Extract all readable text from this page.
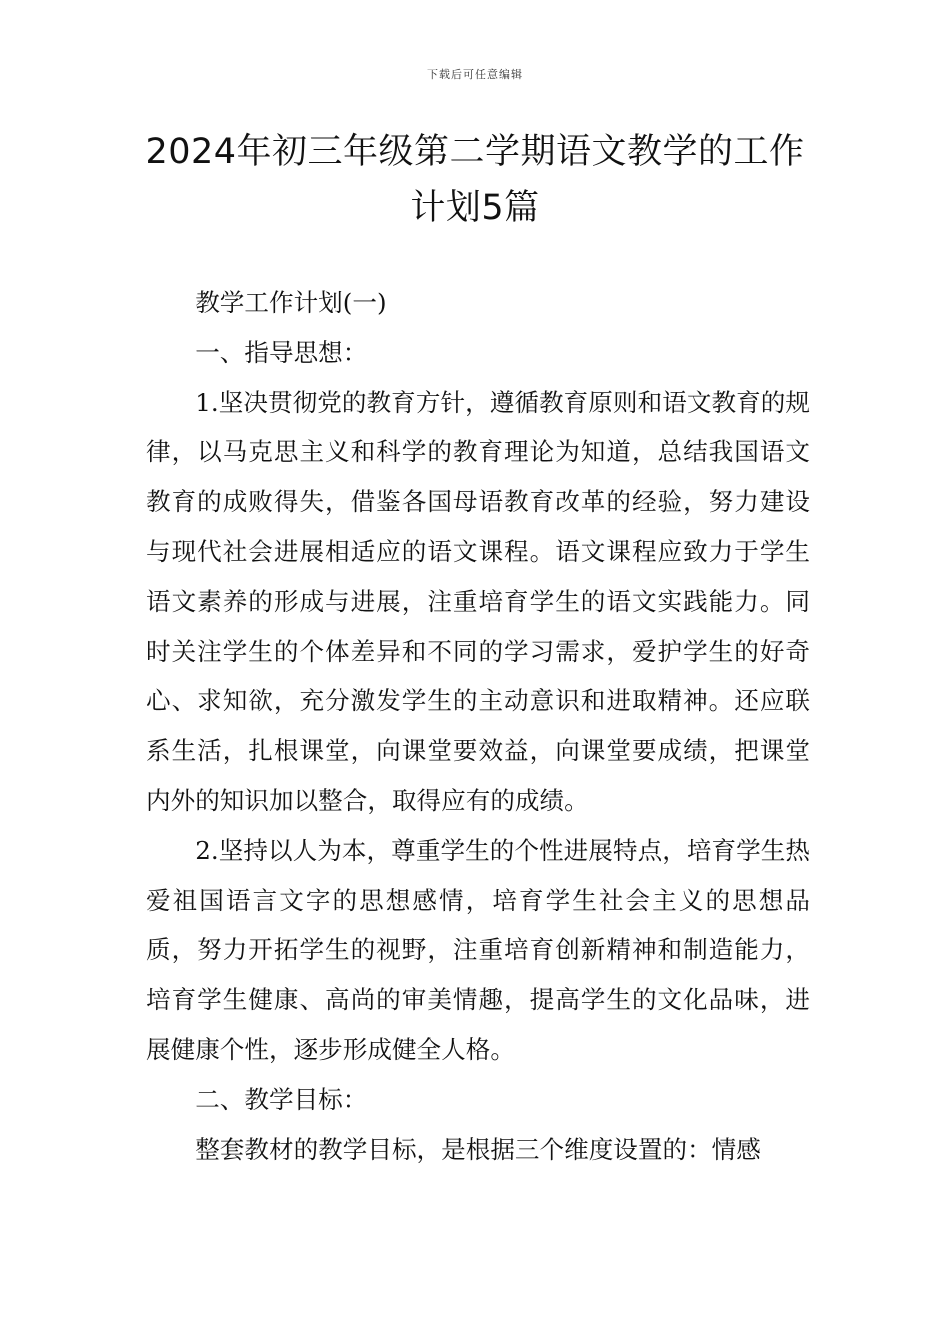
下载后可任意编辑
2024年初三年级第二学期语文教学的工作
计划5篇

教学工作计划(一)

一、指导思想：

1.坚决贯彻党的教育方针，遵循教育原则和语文教育的规律，以马克思主义和科学的教育理论为知道，总结我国语文教育的成败得失，借鉴各国母语教育改革的经验，努力建设与现代社会进展相适应的语文课程。语文课程应致力于学生语文素养的形成与进展，注重培育学生的语文实践能力。同时关注学生的个体差异和不同的学习需求，爱护学生的好奇心、求知欲，充分激发学生的主动意识和进取精神。还应联系生活，扎根课堂，向课堂要效益，向课堂要成绩，把课堂内外的知识加以整合，取得应有的成绩。

2.坚持以人为本，尊重学生的个性进展特点，培育学生热爱祖国语言文字的思想感情，培育学生社会主义的思想品质，努力开拓学生的视野，注重培育创新精神和制造能力，培育学生健康、高尚的审美情趣，提高学生的文化品味，进展健康个性，逐步形成健全人格。

二、教学目标：

整套教材的教学目标，是根据三个维度设置的：情感
